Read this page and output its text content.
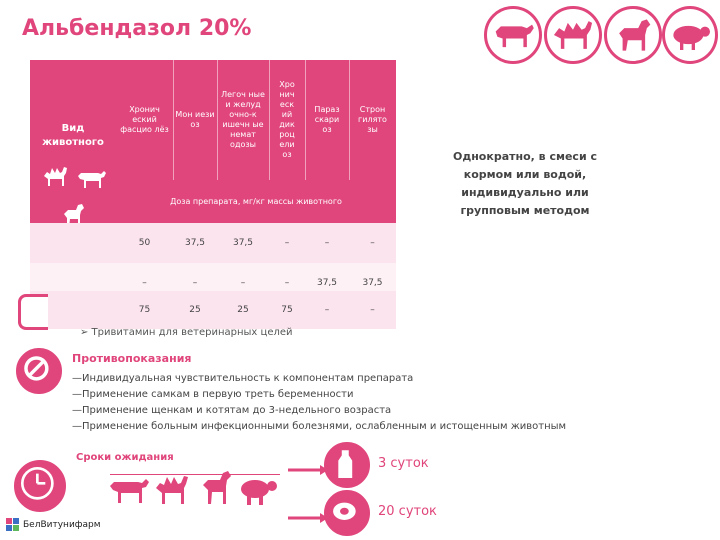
Альбендазол 20%
Вид животного
Хронич еский фасцио лёз
Мон иези оз
Легоч ные и желуд очно-к ишечн ые немат одозы
Хро нич еск ий дик роц ели оз
Параз скари оз
Строн гилято зы
Доза препарата, мг/кг массы животного
50	37,5	37,5	–	–	–
–	–	–	–	37,5	37,5
75	25	25	75	–	–
Однократно, в смеси с кормом или водой, индивидуально или групповым методом
➢ Тривитамин для ветеринарных целей
Противопоказания
—Индивидуальная чувствительность к компонентам препарата
—Применение самкам в первую треть беременности
—Применение щенкам и котятам до 3-недельного возраста
—Применение больным инфекционными болезнями, ослабленным и истощенным животным
Сроки ожидания	3 суток
20 суток
БелВитунифарм
